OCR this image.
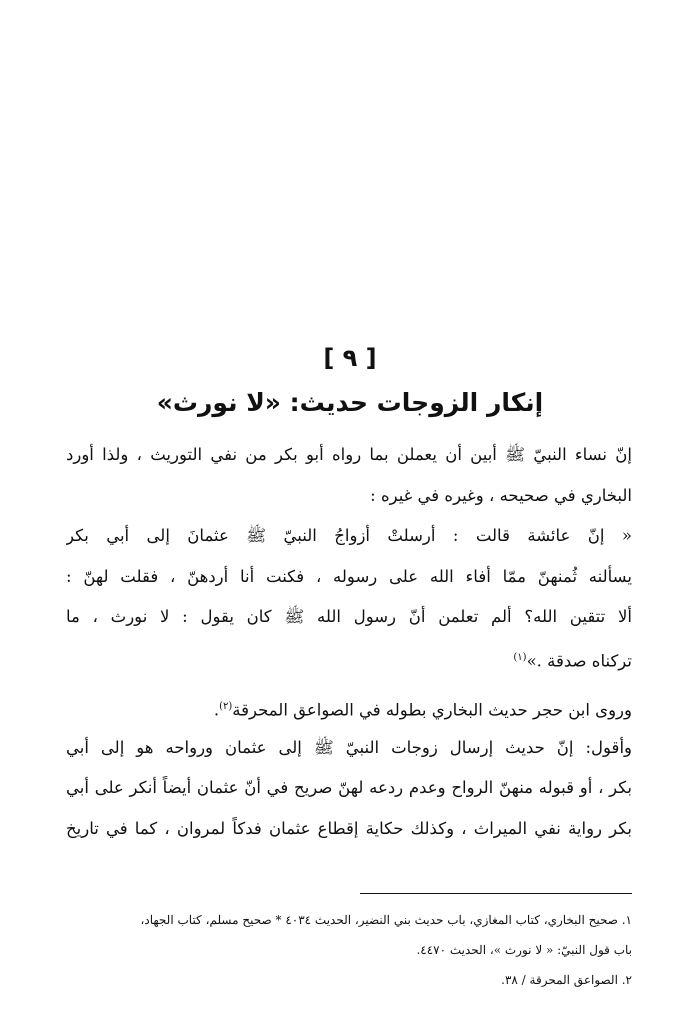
[ ٩ ]
إنكار الزوجات حديث: «لا نورث»
إنّ نساء النبيّ ﷺ أبين أن يعملن بما رواه أبو بكر من نفي التوريث ، ولذا أورد
البخاري في صحيحه ، وغيره في غيره :
« إنّ عائشة قالت : أرسلتْ أزواجُ النبيّ ﷺ عثمانَ إلى أبي بكر
يسألنه ثُمنهنّ ممّا أفاء الله على رسوله ، فكنت أنا أردهنّ ، فقلت لهنّ :
ألا تتقين الله؟ ألم تعلمن أنّ رسول الله ﷺ كان يقول : لا نورث ، ما
تركناه صدقة .»$^{(١)}$
وروى ابن حجر حديث البخاري بطوله في الصواعق المحرقة$^{(٢)}$.
وأقول: إنّ حديث إرسال زوجات النبيّ ﷺ إلى عثمان ورواحه هو إلى أبي
بكر ، أو قبوله منهنّ الرواح وعدم ردعه لهنّ صريح في أنّ عثمان أيضاً أنكر على أبي
بكر رواية نفي الميراث ، وكذلك حكاية إقطاع عثمان فدكاً لمروان ، كما في تاريخ
١. صحيح البخاري، كتاب المغازي، باب حديث بني النضير، الحديث ٤٠٣٤ * صحيح مسلم، كتاب الجهاد،
باب قول النبيّ: « لا نورث »، الحديث ٤٤٧٠.
٢. الصواعق المحرقة / ٣٨.
